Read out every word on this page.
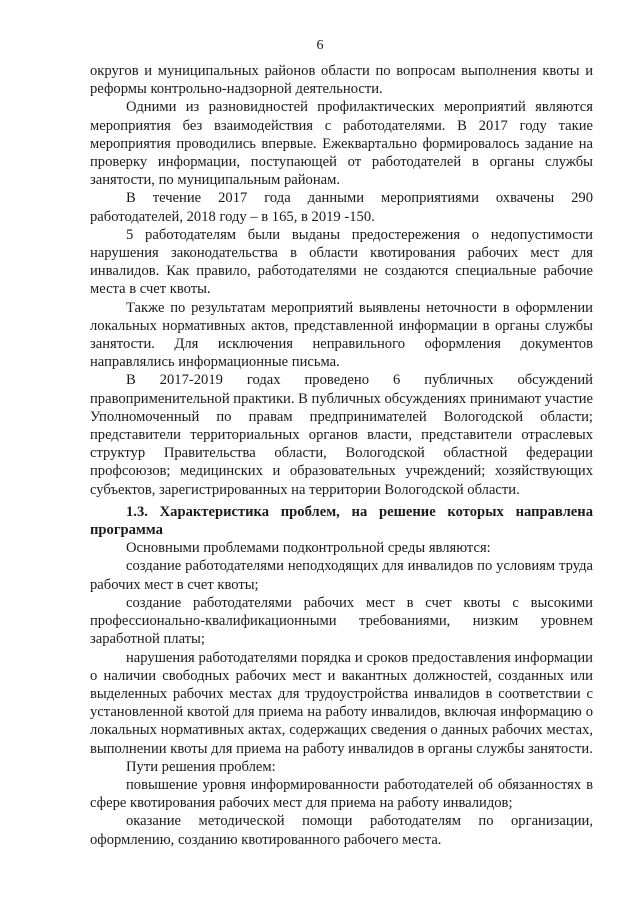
6

округов и муниципальных районов области по вопросам выполнения квоты и реформы контрольно-надзорной деятельности.

Одними из разновидностей профилактических мероприятий являются мероприятия без взаимодействия с работодателями. В 2017 году такие мероприятия проводились впервые. Ежеквартально формировалось задание на проверку информации, поступающей от работодателей в органы службы занятости, по муниципальным районам.

В течение 2017 года данными мероприятиями охвачены 290 работодателей, 2018 году – в 165, в 2019 -150.

5 работодателям были выданы предостережения о недопустимости нарушения законодательства в области квотирования рабочих мест для инвалидов. Как правило, работодателями не создаются специальные рабочие места в счет квоты.

Также по результатам мероприятий выявлены неточности в оформлении локальных нормативных актов, представленной информации в органы службы занятости. Для исключения неправильного оформления документов направлялись информационные письма.

В 2017-2019 годах проведено 6 публичных обсуждений правоприменительной практики. В публичных обсуждениях принимают участие Уполномоченный по правам предпринимателей Вологодской области; представители территориальных органов власти, представители отраслевых структур Правительства области, Вологодской областной федерации профсоюзов; медицинских и образовательных учреждений; хозяйствующих субъектов, зарегистрированных на территории Вологодской области.

1.3. Характеристика проблем, на решение которых направлена программа

Основными проблемами подконтрольной среды являются:

создание работодателями неподходящих для инвалидов по условиям труда рабочих мест в счет квоты;

создание работодателями рабочих мест в счет квоты с высокими профессионально-квалификационными требованиями, низким уровнем заработной платы;

нарушения работодателями порядка и сроков предоставления информации о наличии свободных рабочих мест и вакантных должностей, созданных или выделенных рабочих местах для трудоустройства инвалидов в соответствии с установленной квотой для приема на работу инвалидов, включая информацию о локальных нормативных актах, содержащих сведения о данных рабочих местах, выполнении квоты для приема на работу инвалидов в органы службы занятости.

Пути решения проблем:

повышение уровня информированности работодателей об обязанностях в сфере квотирования рабочих мест для приема на работу инвалидов;

оказание методической помощи работодателям по организации, оформлению, созданию квотированного рабочего места.
